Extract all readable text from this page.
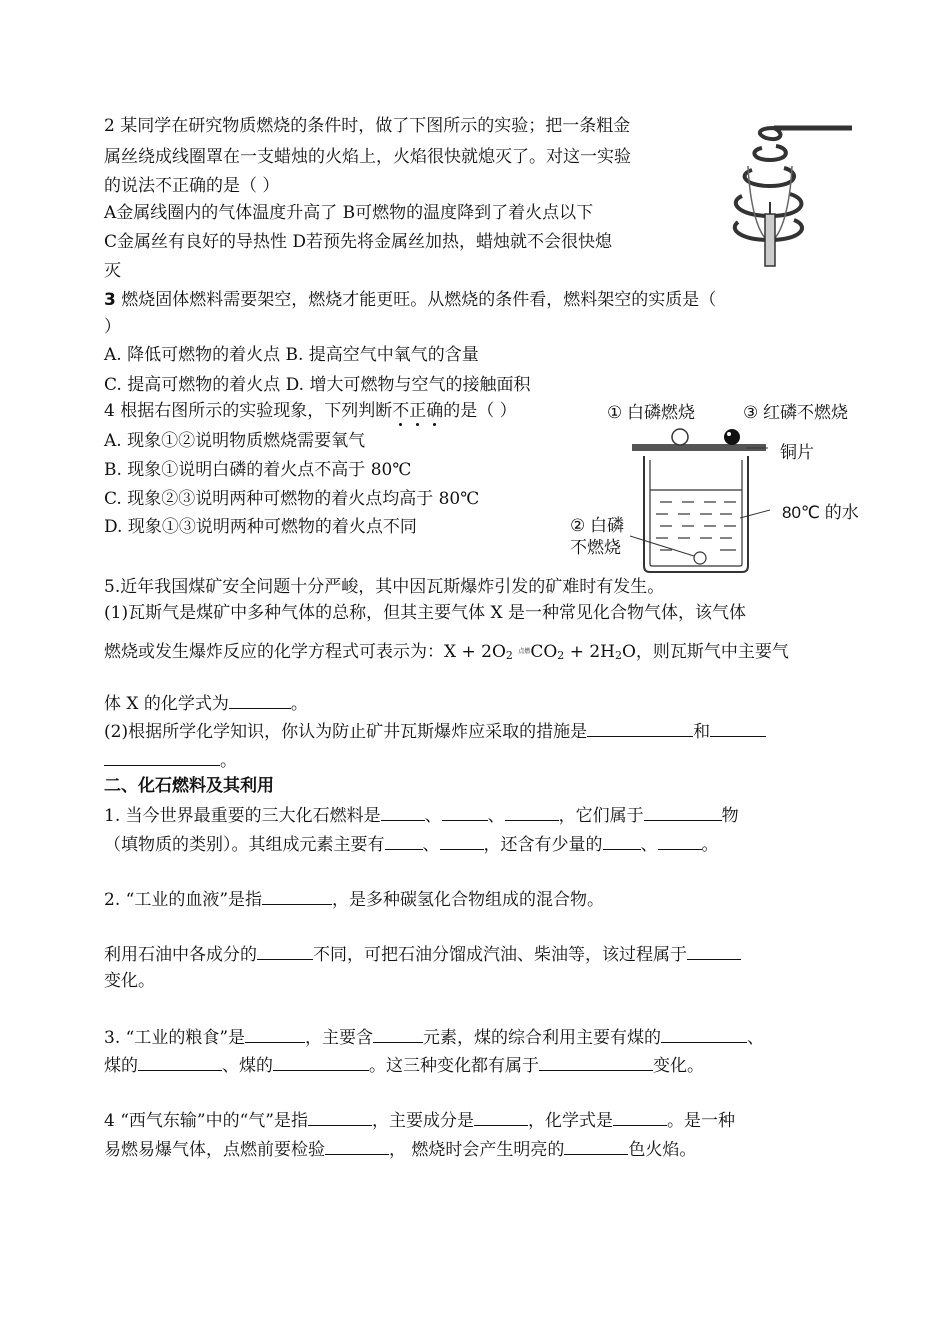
2 某同学在研究物质燃烧的条件时，做了下图所示的实验；把一条粗金
属丝绕成线圈罩在一支蜡烛的火焰上，火焰很快就熄灭了。对这一实验
的说法不正确的是（ ）
A金属线圈内的气体温度升高了 B可燃物的温度降到了着火点以下
C金属丝有良好的导热性 D若预先将金属丝加热，蜡烛就不会很快熄
灭
3 燃烧固体燃料需要架空，燃烧才能更旺。从燃烧的条件看，燃料架空的实质是（
）
A. 降低可燃物的着火点 B. 提高空气中氧气的含量
C. 提高可燃物的着火点 D. 增大可燃物与空气的接触面积
4 根据右图所示的实验现象，下列判断不正确
的是（ ）
A. 现象①②说明物质燃烧需要氧气
B. 现象①说明白磷的着火点不高于 80℃
C. 现象②③说明两种可燃物的着火点均高于 80℃
D. 现象①③说明两种可燃物的着火点不同
① 白磷燃烧	③ 红磷不燃烧
铜片
80℃ 的水
② 白磷
不燃烧
5.近年我国煤矿安全问题十分严峻，其中因瓦斯爆炸引发的矿难时有发生。
(1)瓦斯气是煤矿中多种气体的总称，但其主要气体 X 是一种常见化合物气体，该气体
燃烧或发生爆炸反应的化学方程式可表示为：X + 2O2 点燃CO2 + 2H2O，则瓦斯气中主要气
体 X 的化学式为	。
(2)根据所学化学知识，你认为防止矿井瓦斯爆炸应采取的措施是	和
。
二、化石燃料及其利用
1. 当今世界最重要的三大化石燃料是	、	、	，它们属于	物
（填物质的类别）。其组成元素主要有 、	，还含有少量的 、	。
2. “工业的血液”是指	，是多种碳氢化合物组成的混合物。
利用石油中各成分的	不同，可把石油分馏成汽油、柴油等，该过程属于
变化。
3. “工业的粮食”是	，主要含	元素，煤的综合利用主要有煤的	、
煤的	、煤的	。这三种变化都有属于	变化。
4 “西气东输”中的“气”是指	，主要成分是	，化学式是	。是一种
易燃易爆气体，点燃前要检验	， 燃烧时会产生明亮的	色火焰。
